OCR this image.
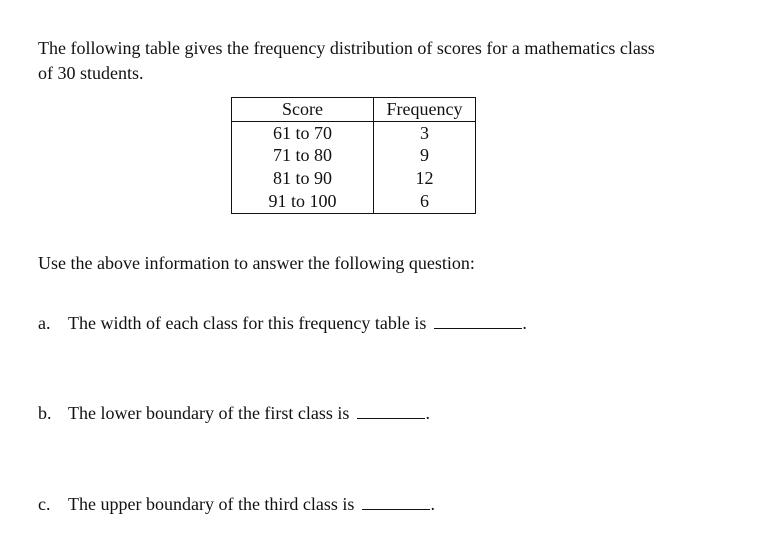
The following table gives the frequency distribution of scores for a mathematics class
of 30 students.

Score	Frequency
61 to 70	3
71 to 80	9
81 to 90	12
91 to 100	6

Use the above information to answer the following question:

a. The width of each class for this frequency table is	.

b. The lower boundary of the first class is	.

c. The upper boundary of the third class is	.
